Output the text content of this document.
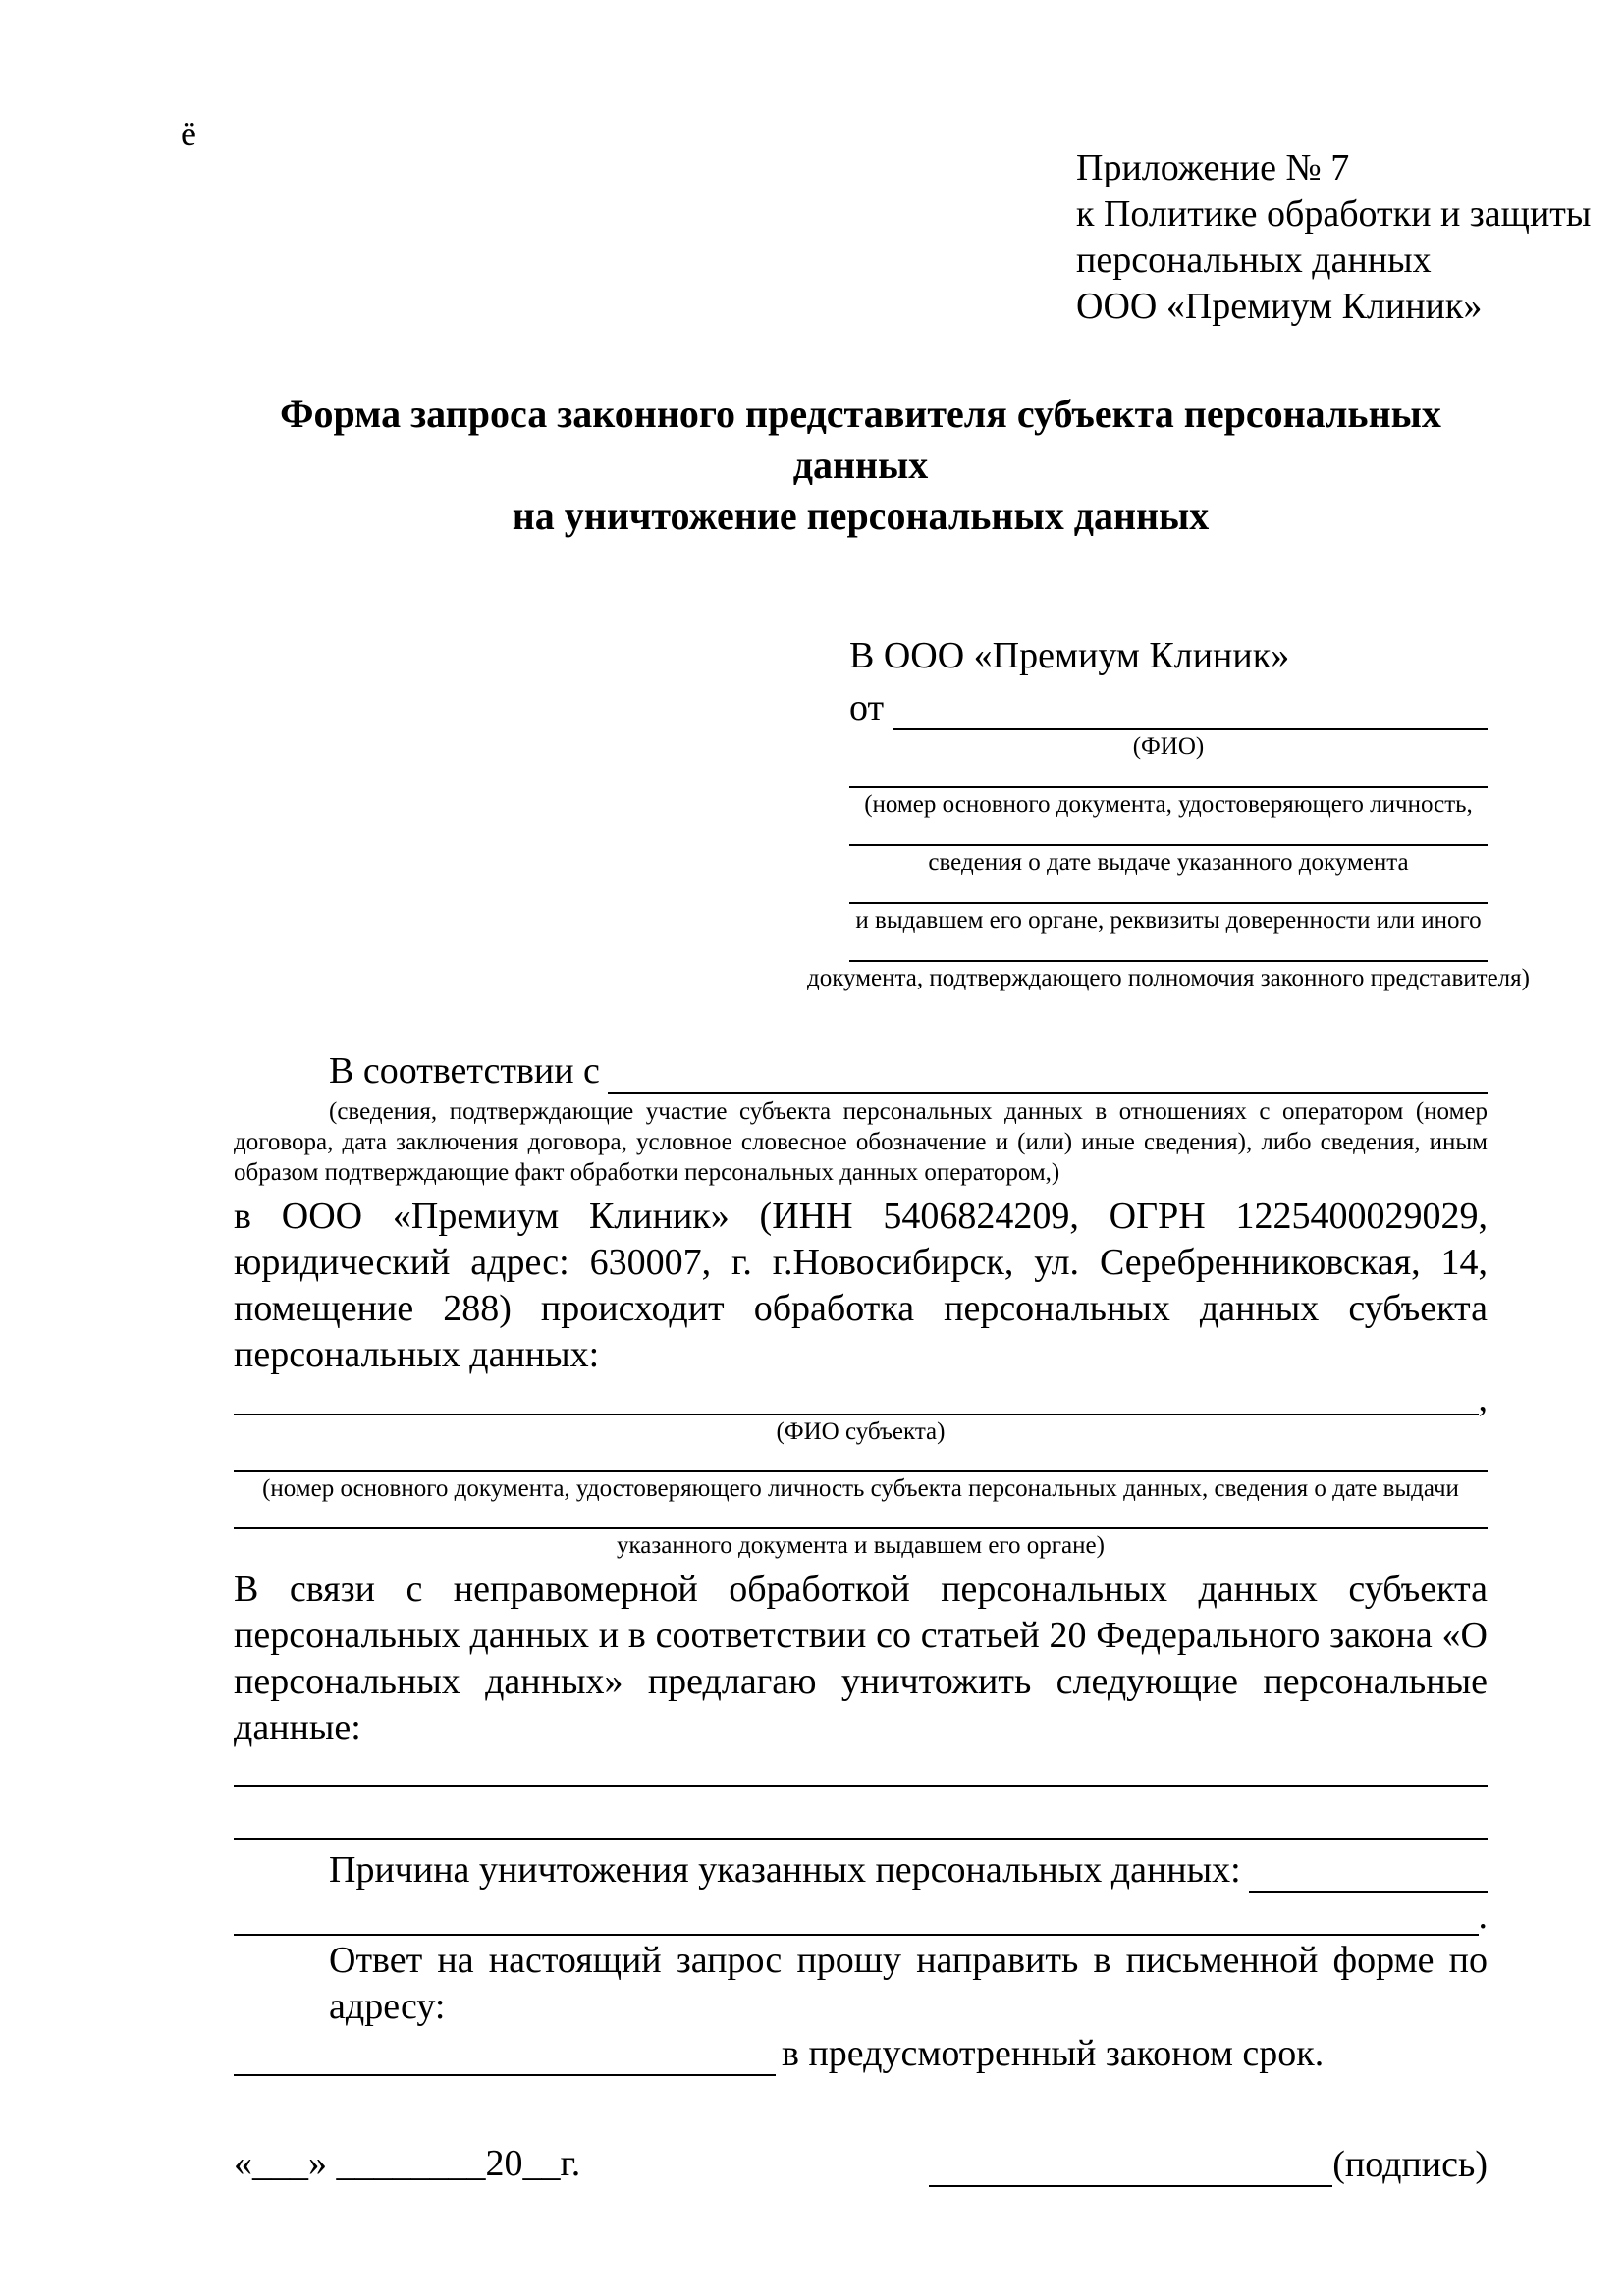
ё
Приложение № 7
к Политике обработки и защиты
персональных данных
ООО «Премиум Клиник»
Форма запроса законного представителя субъекта персональных данных
на уничтожение персональных данных
В ООО «Премиум Клиник»
от
(ФИО)
(номер основного документа, удостоверяющего личность,
сведения о дате выдаче указанного документа
и выдавшем его органе, реквизиты доверенности или иного
документа, подтверждающего полномочия законного представителя)
В соответствии с
(сведения, подтверждающие участие субъекта персональных данных в отношениях с оператором (номер договора, дата заключения договора, условное словесное обозначение и (или) иные сведения), либо сведения, иным образом подтверждающие факт обработки персональных данных оператором,)

в ООО «Премиум Клиник» (ИНН 5406824209, ОГРН 1225400029029, юридический адрес: 630007, г. г.Новосибирск, ул. Серебренниковская, 14, помещение 288) происходит обработка персональных данных субъекта персональных данных:

,
(ФИО субъекта)
(номер основного документа, удостоверяющего личность субъекта персональных данных, сведения о дате выдачи
указанного документа и выдавшем его органе)

В связи с неправомерной обработкой персональных данных субъекта персональных данных и в соответствии со статьей 20 Федерального закона «О персональных данных» предлагаю уничтожить следующие персональные данные:

Причина уничтожения указанных персональных данных:
.
Ответ на настоящий запрос прошу направить в письменной форме по адресу:
в предусмотренный законом срок.
«___» ________20__г.	(подпись)
